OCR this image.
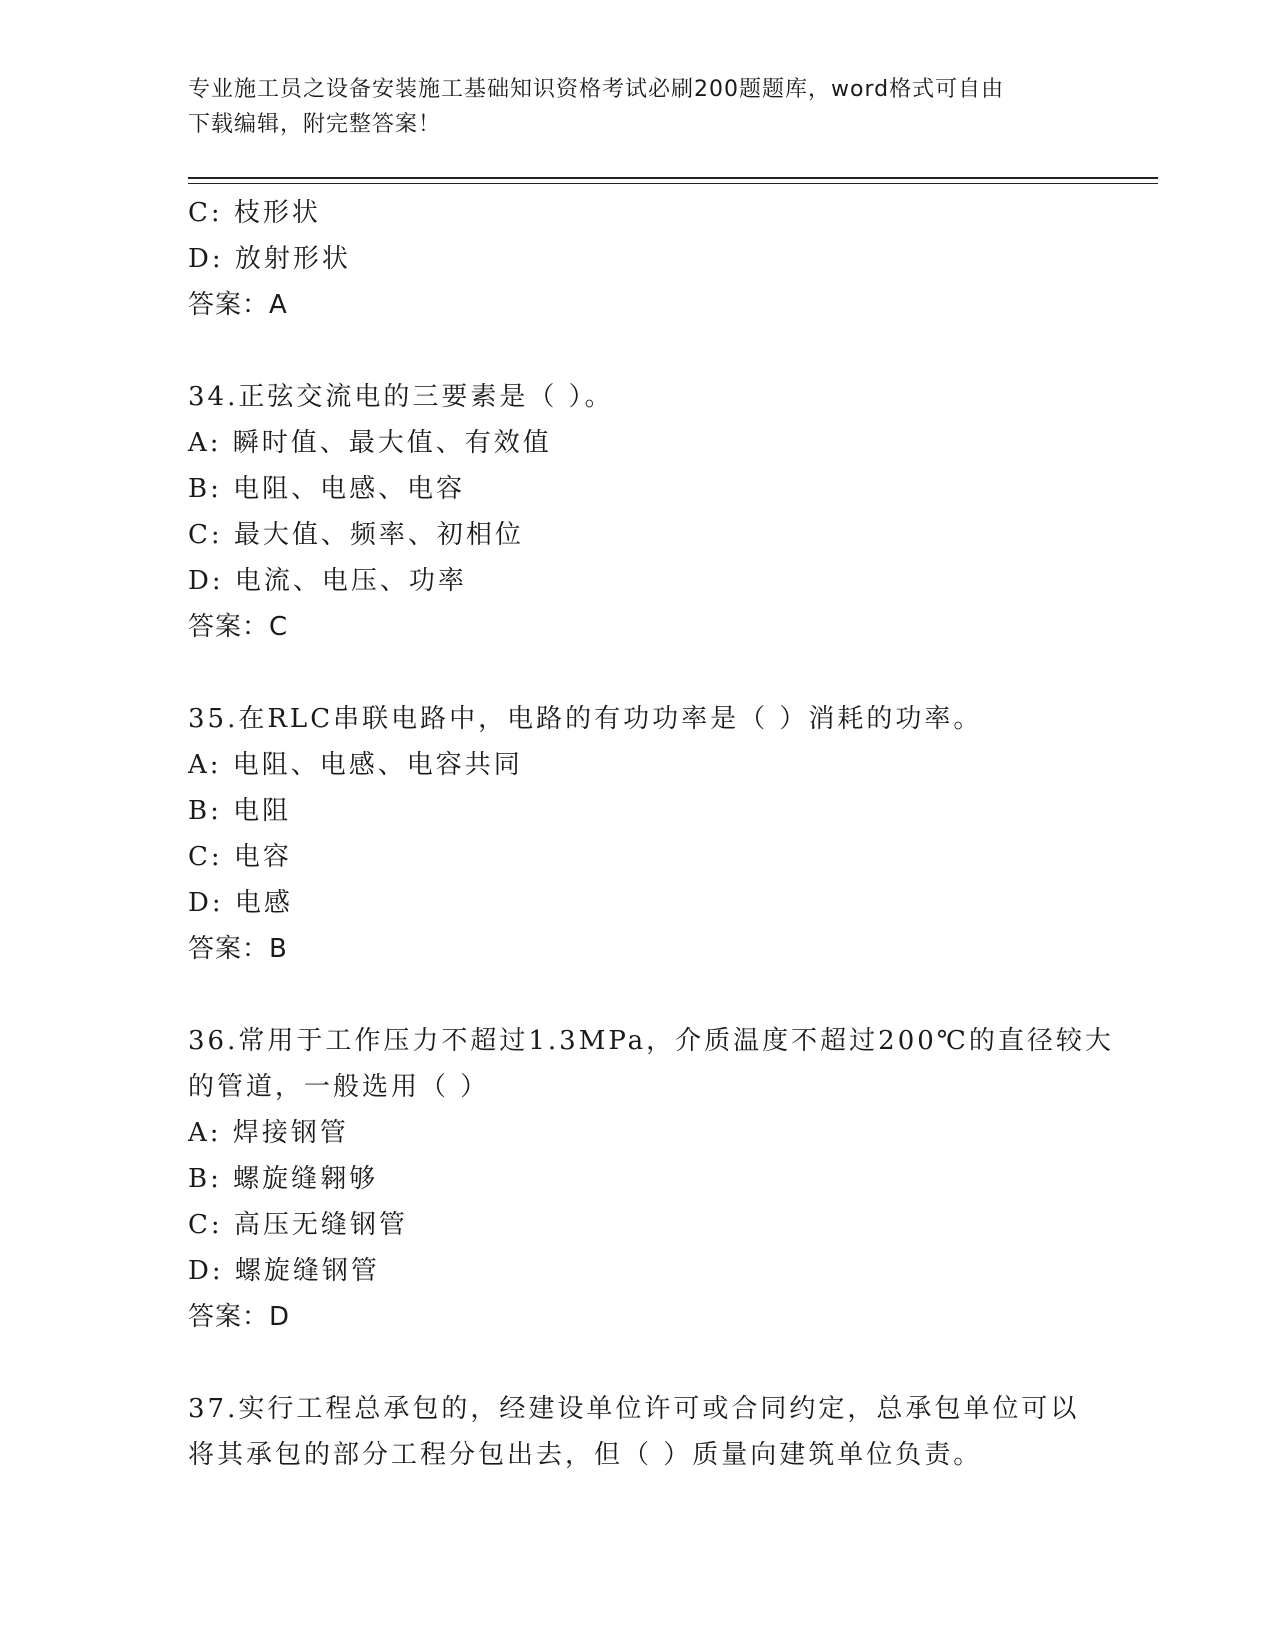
专业施工员之设备安装施工基础知识资格考试必刷200题题库，word格式可自由
下载编辑，附完整答案！
C: 枝形状
D: 放射形状
答案：A
34.正弦交流电的三要素是（ ）。
A: 瞬时值、最大值、有效值
B: 电阻、电感、电容
C: 最大值、频率、初相位
D: 电流、电压、功率
答案：C
35.在RLC串联电路中，电路的有功功率是（ ）消耗的功率。
A: 电阻、电感、电容共同
B: 电阻
C: 电容
D: 电感
答案：B
36.常用于工作压力不超过1.3MPa，介质温度不超过200℃的直径较大
的管道，一般选用（ ）
A: 焊接钢管
B: 螺旋缝翱够
C: 高压无缝钢管
D: 螺旋缝钢管
答案：D
37.实行工程总承包的，经建设单位许可或合同约定，总承包单位可以
将其承包的部分工程分包出去，但（ ）质量向建筑单位负责。
